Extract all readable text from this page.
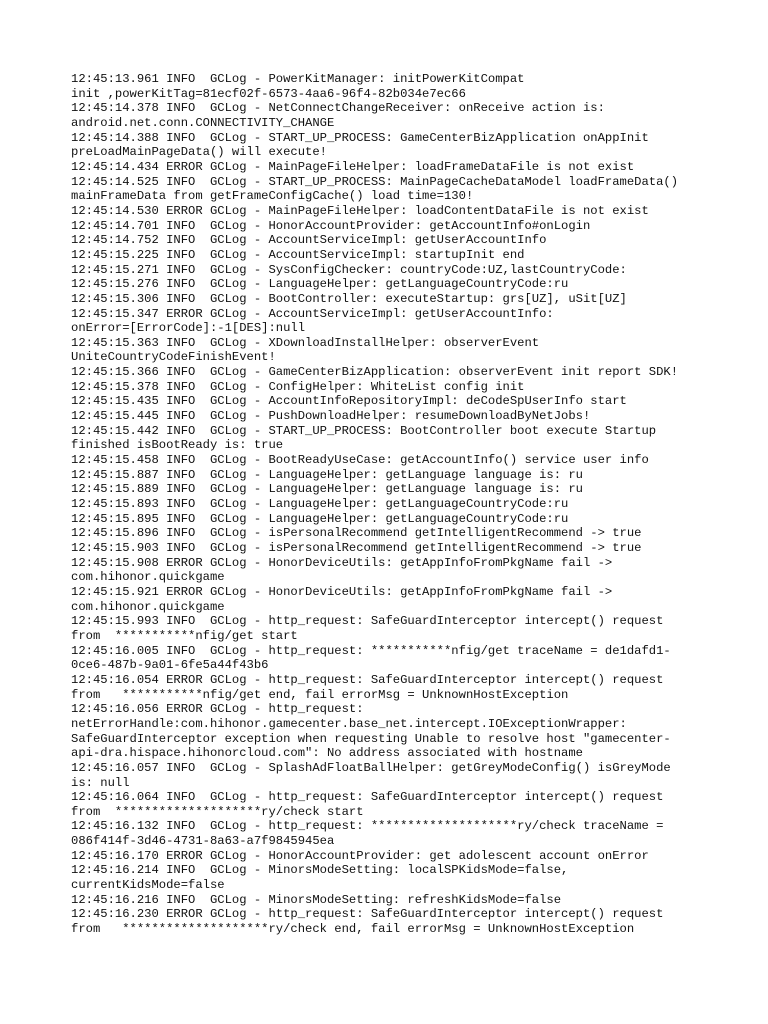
12:45:13.961 INFO  GCLog - PowerKitManager: initPowerKitCompat

init ,powerKitTag=81ecf02f-6573-4aa6-96f4-82b034e7ec66

12:45:14.378 INFO  GCLog - NetConnectChangeReceiver: onReceive action is:

android.net.conn.CONNECTIVITY_CHANGE

12:45:14.388 INFO  GCLog - START_UP_PROCESS: GameCenterBizApplication onAppInit

preLoadMainPageData() will execute!

12:45:14.434 ERROR GCLog - MainPageFileHelper: loadFrameDataFile is not exist

12:45:14.525 INFO  GCLog - START_UP_PROCESS: MainPageCacheDataModel loadFrameData()

mainFrameData from getFrameConfigCache() load time=130!

12:45:14.530 ERROR GCLog - MainPageFileHelper: loadContentDataFile is not exist

12:45:14.701 INFO  GCLog - HonorAccountProvider: getAccountInfo#onLogin

12:45:14.752 INFO  GCLog - AccountServiceImpl: getUserAccountInfo

12:45:15.225 INFO  GCLog - AccountServiceImpl: startupInit end

12:45:15.271 INFO  GCLog - SysConfigChecker: countryCode:UZ,lastCountryCode:

12:45:15.276 INFO  GCLog - LanguageHelper: getLanguageCountryCode:ru

12:45:15.306 INFO  GCLog - BootController: executeStartup: grs[UZ], uSit[UZ]

12:45:15.347 ERROR GCLog - AccountServiceImpl: getUserAccountInfo:

onError=[ErrorCode]:-1[DES]:null

12:45:15.363 INFO  GCLog - XDownloadInstallHelper: observerEvent

UniteCountryCodeFinishEvent!

12:45:15.366 INFO  GCLog - GameCenterBizApplication: observerEvent init report SDK!

12:45:15.378 INFO  GCLog - ConfigHelper: WhiteList config init

12:45:15.435 INFO  GCLog - AccountInfoRepositoryImpl: deCodeSpUserInfo start

12:45:15.445 INFO  GCLog - PushDownloadHelper: resumeDownloadByNetJobs!

12:45:15.442 INFO  GCLog - START_UP_PROCESS: BootController boot execute Startup

finished isBootReady is: true

12:45:15.458 INFO  GCLog - BootReadyUseCase: getAccountInfo() service user info

12:45:15.887 INFO  GCLog - LanguageHelper: getLanguage language is: ru

12:45:15.889 INFO  GCLog - LanguageHelper: getLanguage language is: ru

12:45:15.893 INFO  GCLog - LanguageHelper: getLanguageCountryCode:ru

12:45:15.895 INFO  GCLog - LanguageHelper: getLanguageCountryCode:ru

12:45:15.896 INFO  GCLog - isPersonalRecommend getIntelligentRecommend -> true

12:45:15.903 INFO  GCLog - isPersonalRecommend getIntelligentRecommend -> true

12:45:15.908 ERROR GCLog - HonorDeviceUtils: getAppInfoFromPkgName fail ->

com.hihonor.quickgame

12:45:15.921 ERROR GCLog - HonorDeviceUtils: getAppInfoFromPkgName fail ->

com.hihonor.quickgame

12:45:15.993 INFO  GCLog - http_request: SafeGuardInterceptor intercept() request

from  ***********nfig/get start

12:45:16.005 INFO  GCLog - http_request: ***********nfig/get traceName = de1dafd1-

0ce6-487b-9a01-6fe5a44f43b6

12:45:16.054 ERROR GCLog - http_request: SafeGuardInterceptor intercept() request

from   ***********nfig/get end, fail errorMsg = UnknownHostException

12:45:16.056 ERROR GCLog - http_request:

netErrorHandle:com.hihonor.gamecenter.base_net.intercept.IOExceptionWrapper:

SafeGuardInterceptor exception when requesting Unable to resolve host "gamecenter-

api-dra.hispace.hihonorcloud.com": No address associated with hostname

12:45:16.057 INFO  GCLog - SplashAdFloatBallHelper: getGreyModeConfig() isGreyMode

is: null

12:45:16.064 INFO  GCLog - http_request: SafeGuardInterceptor intercept() request

from  ********************ry/check start

12:45:16.132 INFO  GCLog - http_request: ********************ry/check traceName =

086f414f-3d46-4731-8a63-a7f9845945ea

12:45:16.170 ERROR GCLog - HonorAccountProvider: get adolescent account onError

12:45:16.214 INFO  GCLog - MinorsModeSetting: localSPKidsMode=false,

currentKidsMode=false

12:45:16.216 INFO  GCLog - MinorsModeSetting: refreshKidsMode=false

12:45:16.230 ERROR GCLog - http_request: SafeGuardInterceptor intercept() request

from   ********************ry/check end, fail errorMsg = UnknownHostException
